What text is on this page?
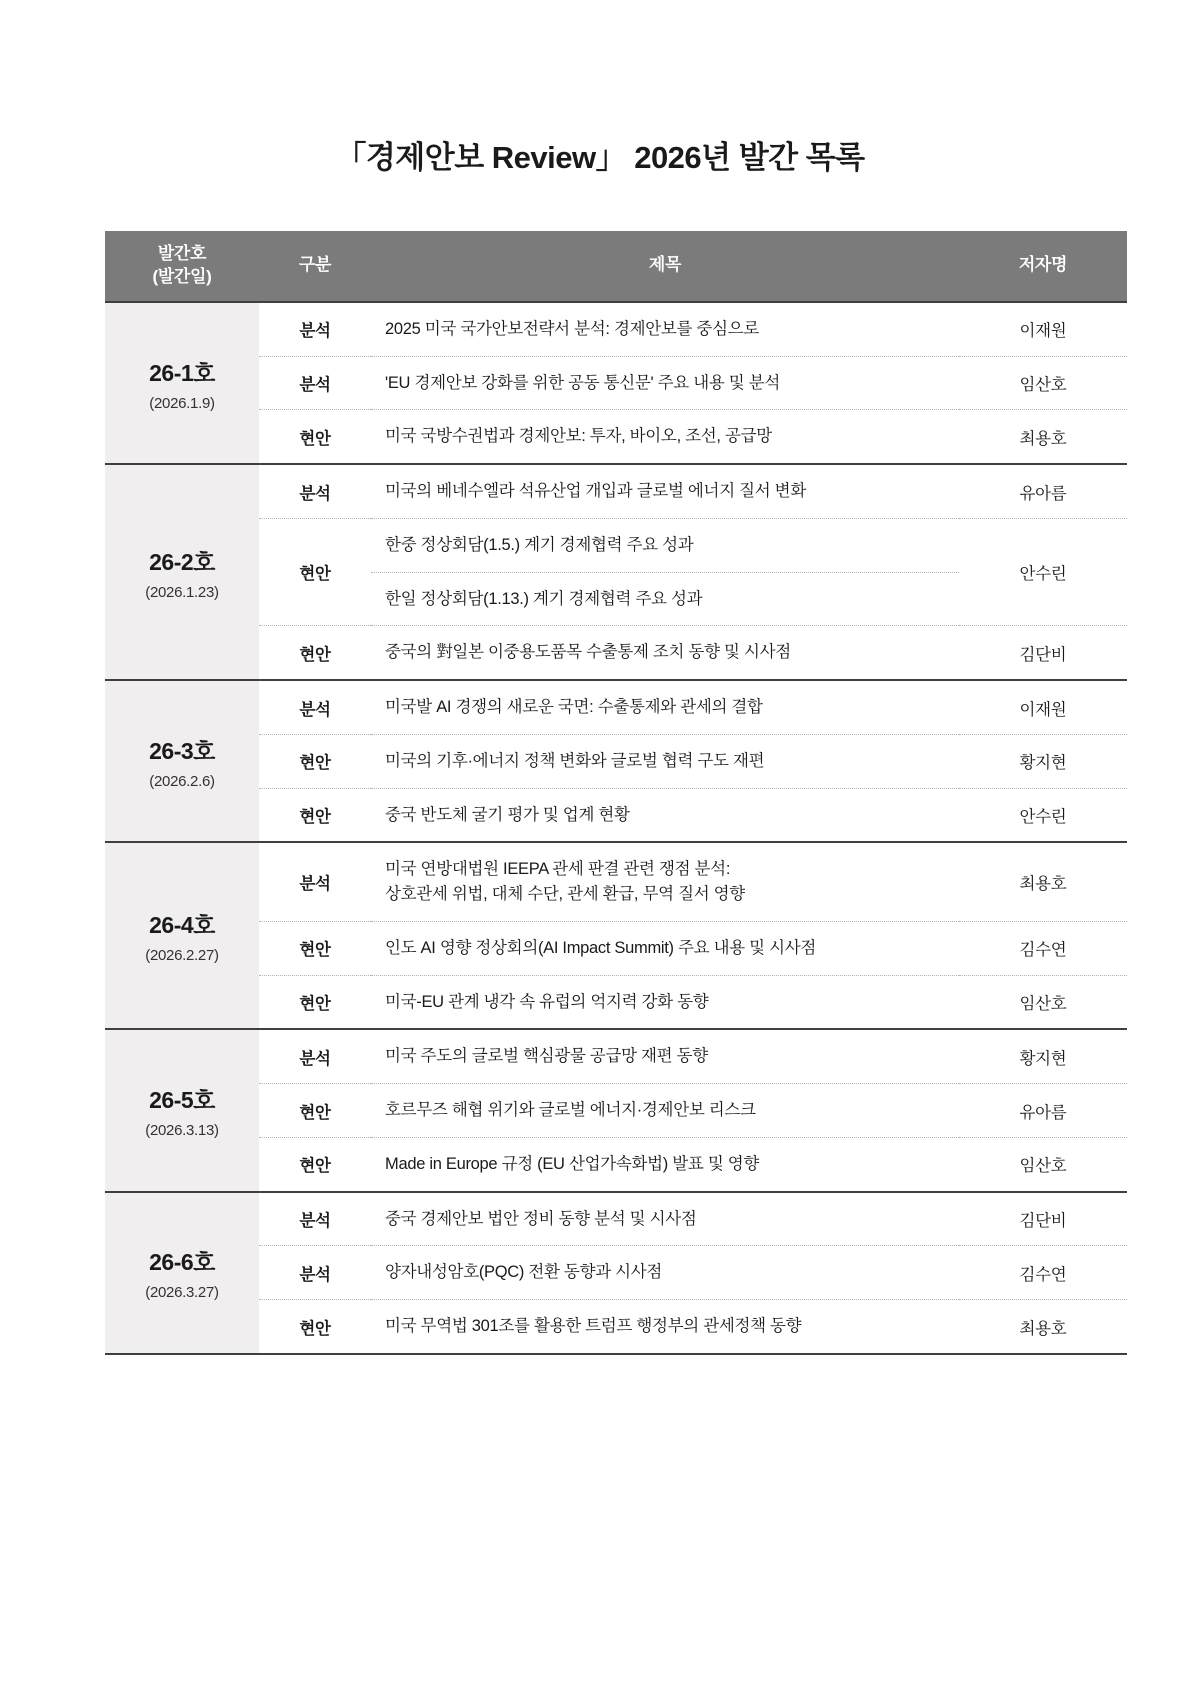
「경제안보 Review」 2026년 발간 목록
발간호
(발간일)	구분	제목	저자명

26-1호
(2026.1.9)	분석	2025 미국 국가안보전략서 분석: 경제안보를 중심으로	이재원
	분석	'EU 경제안보 강화를 위한 공동 통신문' 주요 내용 및 분석	임산호
	현안	미국 국방수권법과 경제안보: 투자, 바이오, 조선, 공급망	최용호

26-2호
(2026.1.23)	분석	미국의 베네수엘라 석유산업 개입과 글로벌 에너지 질서 변화	유아름
	현안	한중 정상회담(1.5.) 계기 경제협력 주요 성과	안수린

		한일 정상회담(1.13.) 계기 경제협력 주요 성과	

	현안	중국의 對일본 이중용도품목 수출통제 조치 동향 및 시사점	김단비

26-3호
(2026.2.6)	분석	미국발 AI 경쟁의 새로운 국면: 수출통제와 관세의 결합	이재원
	현안	미국의 기후·에너지 정책 변화와 글로벌 협력 구도 재편	황지현
	현안	중국 반도체 굴기 평가 및 업계 현황	안수린

26-4호
(2026.2.27)	분석	미국 연방대법원 IEEPA 관세 판결 관련 쟁점 분석:
상호관세 위법, 대체 수단, 관세 환급, 무역 질서 영향	최용호
	현안	인도 AI 영향 정상회의(AI Impact Summit) 주요 내용 및 시사점	김수연
	현안	미국-EU 관계 냉각 속 유럽의 억지력 강화 동향	임산호

26-5호
(2026.3.13)	분석	미국 주도의 글로벌 핵심광물 공급망 재편 동향	황지현
	현안	호르무즈 해협 위기와 글로벌 에너지·경제안보 리스크	유아름
	현안	Made in Europe 규정 (EU 산업가속화법) 발표 및 영향	임산호

26-6호
(2026.3.27)	분석	중국 경제안보 법안 정비 동향 분석 및 시사점	김단비
	분석	양자내성암호(PQC) 전환 동향과 시사점	김수연
	현안	미국 무역법 301조를 활용한 트럼프 행정부의 관세정책 동향	최용호
